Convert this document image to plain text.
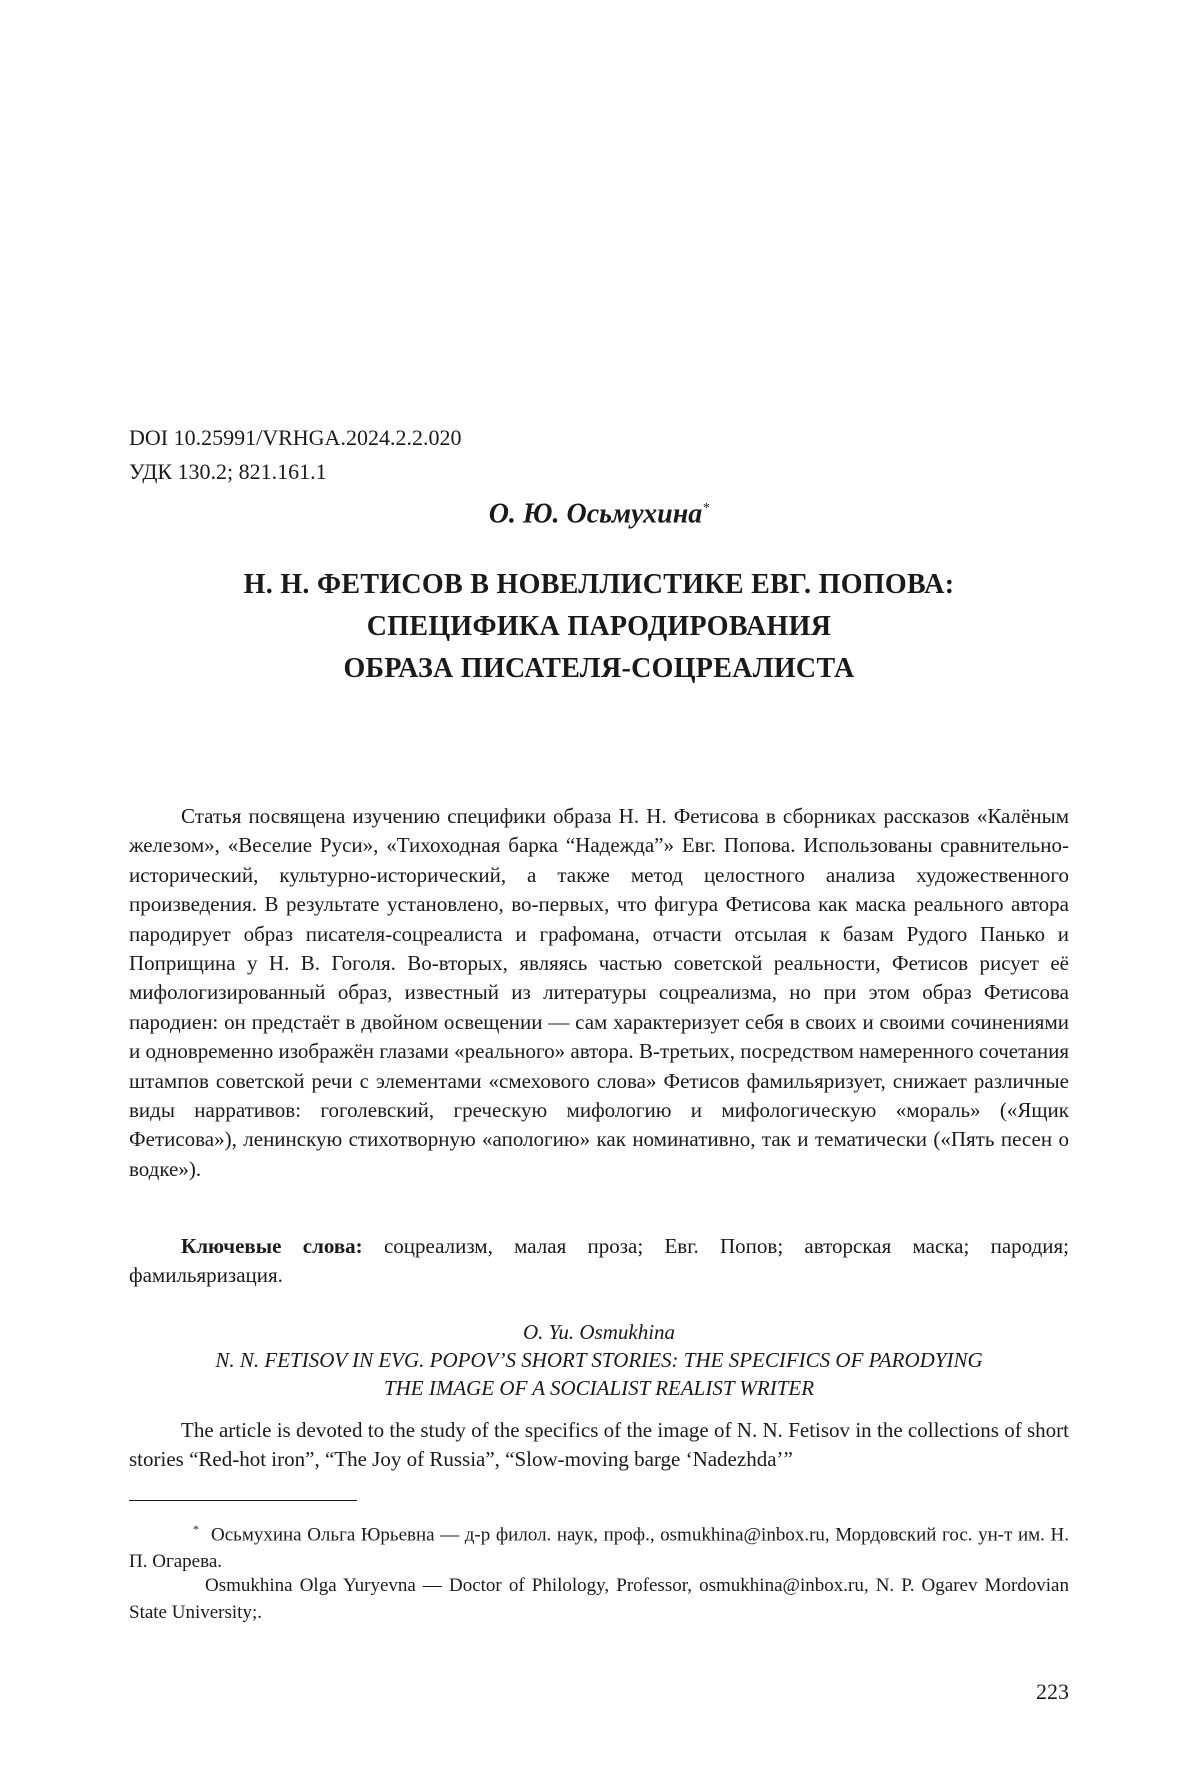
DOI 10.25991/VRHGA.2024.2.2.020
УДК 130.2; 821.161.1
О. Ю. Осьмухина*
Н. Н. ФЕТИСОВ В НОВЕЛЛИСТИКЕ ЕВГ. ПОПОВА:
СПЕЦИФИКА ПАРОДИРОВАНИЯ
ОБРАЗА ПИСАТЕЛЯ-СОЦРЕАЛИСТА

Статья посвящена изучению специфики образа Н. Н. Фетисова в сборниках рассказов «Калёным железом», «Веселие Руси», «Тихоходная барка “Надежда”» Евг. Попова. Использованы сравнительно-исторический, культурно-исторический, а также метод целостного анализа художественного произведения. В результате установлено, во-первых, что фигура Фетисова как маска реального автора пародирует образ писателя-соцреалиста и графомана, отчасти отсылая к базам Рудого Панько и Поприщина у Н. В. Гоголя. Во-вторых, являясь частью советской реальности, Фетисов рисует её мифологизированный образ, известный из литературы соцреализма, но при этом образ Фетисова пародиен: он предстаёт в двойном освещении — сам характеризует себя в своих и своими сочинениями и одновременно изображён глазами «реального» автора. В-третьих, посредством намеренного сочетания штампов советской речи с элементами «смехового слова» Фетисов фамильяризует, снижает различные виды нарративов: гоголевский, греческую мифологию и мифологическую «мораль» («Ящик Фетисова»), ленинскую стихотворную «апологию» как номинативно, так и тематически («Пять песен о водке»).

Ключевые слова: соцреализм, малая проза; Евг. Попов; авторская маска; пародия; фамильяризация.

O. Yu. Osmukhina
N. N. FETISOV IN EVG. POPOV’S SHORT STORIES: THE SPECIFICS OF PARODYING
THE IMAGE OF A SOCIALIST REALIST WRITER

The article is devoted to the study of the specifics of the image of N. N. Fetisov in the collections of short stories “Red-hot iron”, “The Joy of Russia”, “Slow-moving barge ‘Nadezhda’”

* Осьмухина Ольга Юрьевна — д-р филол. наук, проф., osmukhina@inbox.ru, Мордовский гос. ун-т им. Н. П. Огарева.

Osmukhina Olga Yuryevna — Doctor of Philology, Professor, osmukhina@inbox.ru, N. P. Ogarev Mordovian State University;.

223
